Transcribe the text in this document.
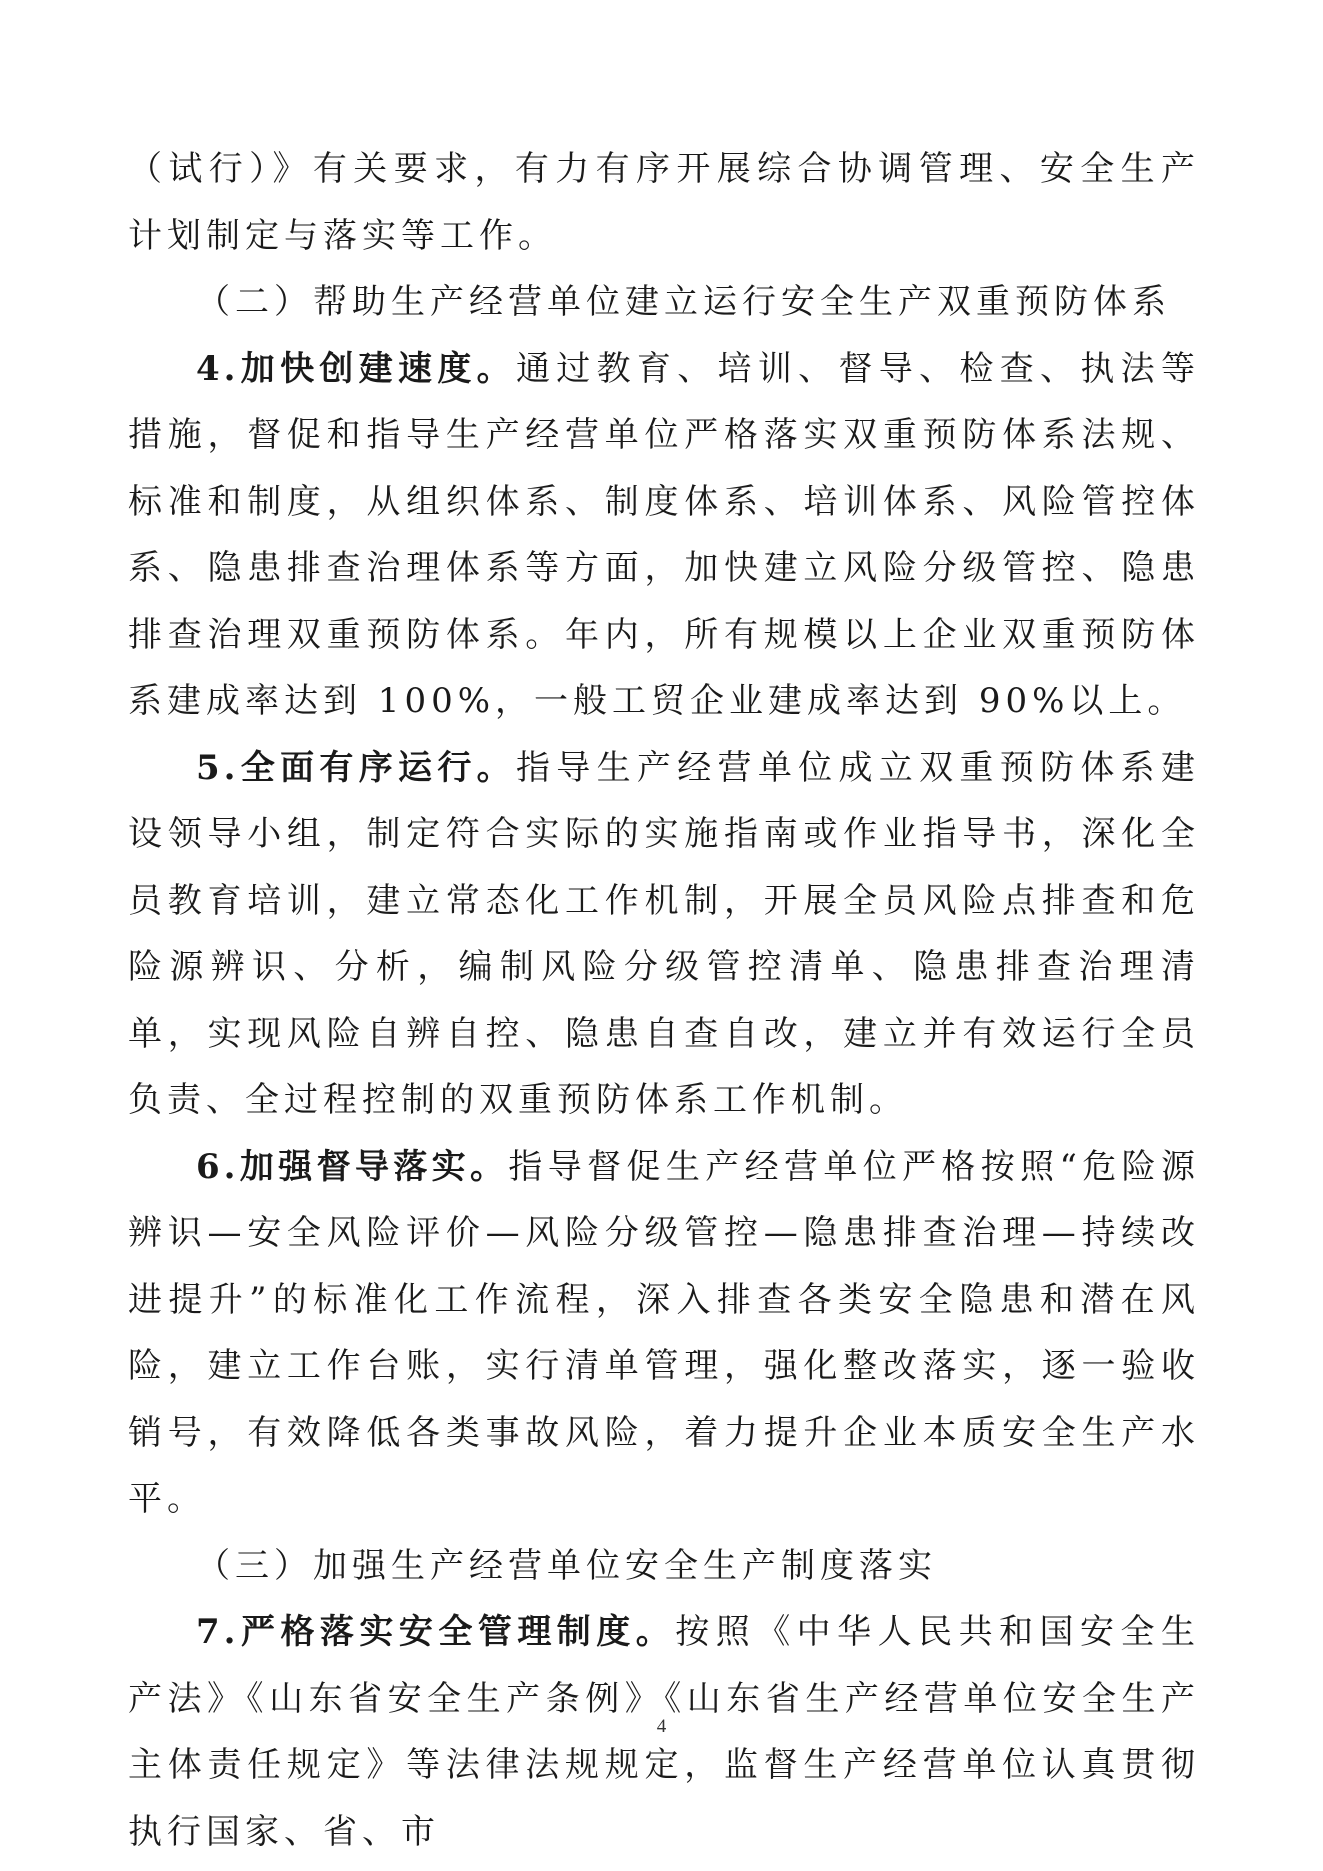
（试行）》有关要求，有力有序开展综合协调管理、安全生产计划制定与落实等工作。

（二）帮助生产经营单位建立运行安全生产双重预防体系

4.加快创建速度。通过教育、培训、督导、检查、执法等措施，督促和指导生产经营单位严格落实双重预防体系法规、标准和制度，从组织体系、制度体系、培训体系、风险管控体系、隐患排查治理体系等方面，加快建立风险分级管控、隐患排查治理双重预防体系。年内，所有规模以上企业双重预防体系建成率达到 100%，一般工贸企业建成率达到 90%以上。

5.全面有序运行。指导生产经营单位成立双重预防体系建设领导小组，制定符合实际的实施指南或作业指导书，深化全员教育培训，建立常态化工作机制，开展全员风险点排查和危险源辨识、分析，编制风险分级管控清单、隐患排查治理清单，实现风险自辨自控、隐患自查自改，建立并有效运行全员负责、全过程控制的双重预防体系工作机制。

6.加强督导落实。指导督促生产经营单位严格按照“危险源辨识—安全风险评价—风险分级管控—隐患排查治理—持续改进提升”的标准化工作流程，深入排查各类安全隐患和潜在风险，建立工作台账，实行清单管理，强化整改落实，逐一验收销号，有效降低各类事故风险，着力提升企业本质安全生产水平。

（三）加强生产经营单位安全生产制度落实

7.严格落实安全管理制度。按照《中华人民共和国安全生产法》《山东省安全生产条例》《山东省生产经营单位安全生产主体责任规定》等法律法规规定，监督生产经营单位认真贯彻执行国家、省、市

4
